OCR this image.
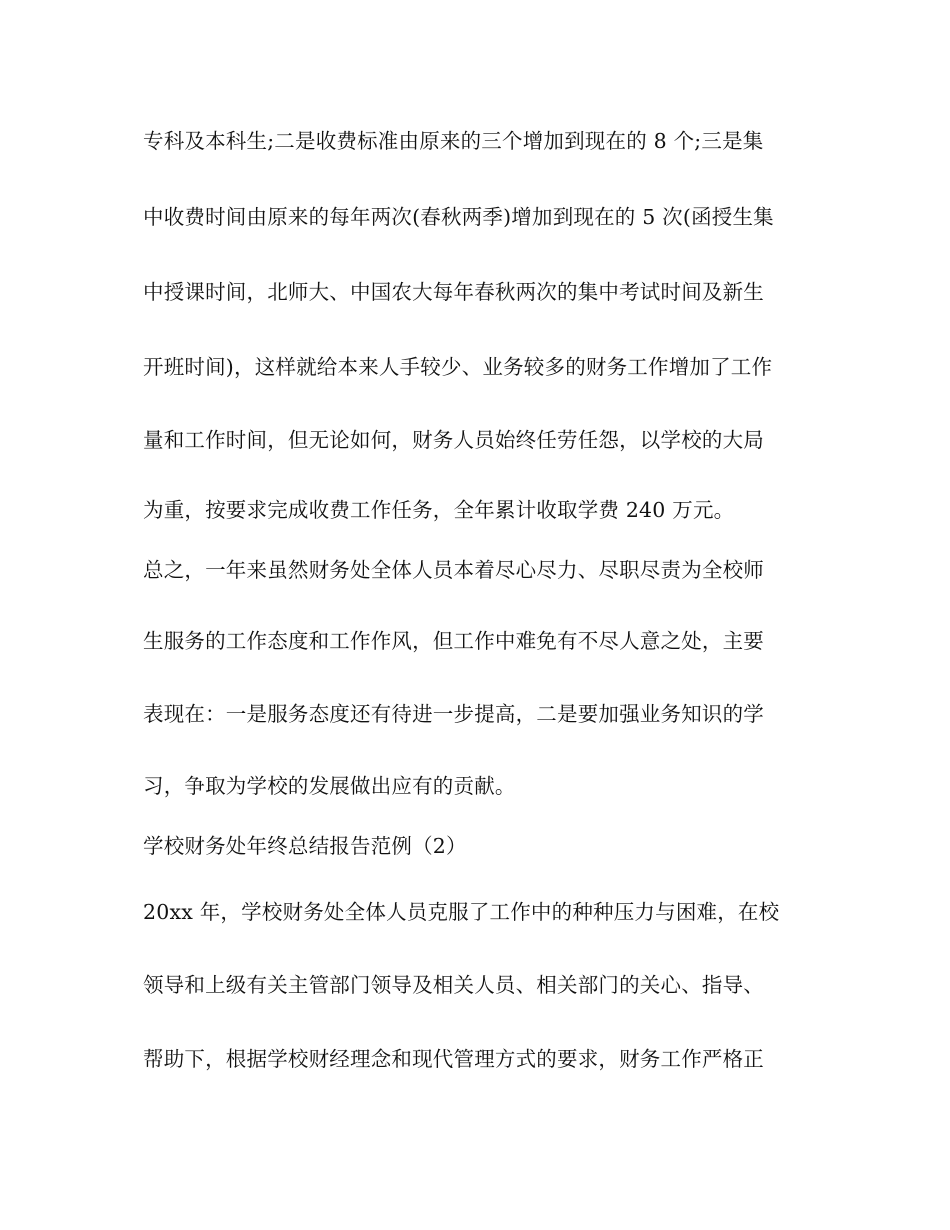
专科及本科生;二是收费标准由原来的三个增加到现在的 8 个;三是集
中收费时间由原来的每年两次(春秋两季)增加到现在的 5 次(函授生集
中授课时间，北师大、中国农大每年春秋两次的集中考试时间及新生
开班时间)，这样就给本来人手较少、业务较多的财务工作增加了工作
量和工作时间，但无论如何，财务人员始终任劳任怨，以学校的大局
为重，按要求完成收费工作任务，全年累计收取学费 240 万元。
总之，一年来虽然财务处全体人员本着尽心尽力、尽职尽责为全校师
生服务的工作态度和工作作风，但工作中难免有不尽人意之处，主要
表现在：一是服务态度还有待进一步提高，二是要加强业务知识的学
习，争取为学校的发展做出应有的贡献。
学校财务处年终总结报告范例（2）
20xx 年，学校财务处全体人员克服了工作中的种种压力与困难，在校
领导和上级有关主管部门领导及相关人员、相关部门的关心、指导、
帮助下，根据学校财经理念和现代管理方式的要求，财务工作严格正
